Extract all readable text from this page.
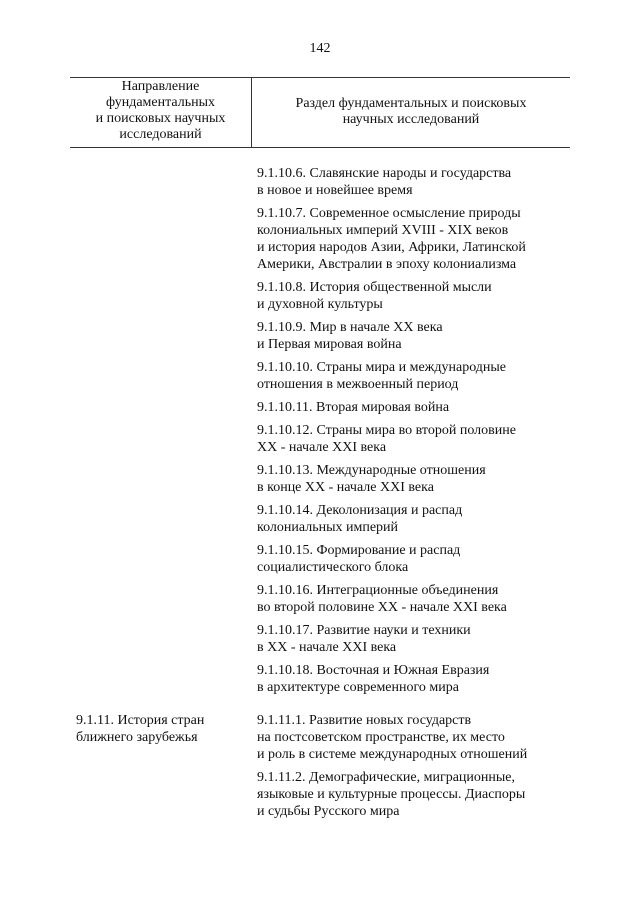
142
Направление
фундаментальных
и поисковых научных
исследований
Раздел фундаментальных и поисковых
научных исследований

9.1.10.6. Славянские народы и государства
в новое и новейшее время

9.1.10.7. Современное осмысление природы
колониальных империй XVIII - XIX веков
и история народов Азии, Африки, Латинской
Америки, Австралии в эпоху колониализма

9.1.10.8. История общественной мысли
и духовной культуры

9.1.10.9. Мир в начале XX века
и Первая мировая война

9.1.10.10. Страны мира и международные
отношения в межвоенный период

9.1.10.11. Вторая мировая война

9.1.10.12. Страны мира во второй половине
XX - начале XXI века

9.1.10.13. Международные отношения
в конце XX - начале XXI века

9.1.10.14. Деколонизация и распад
колониальных империй

9.1.10.15. Формирование и распад
социалистического блока

9.1.10.16. Интеграционные объединения
во второй половине XX - начале XXI века

9.1.10.17. Развитие науки и техники
в XX - начале XXI века

9.1.10.18. Восточная и Южная Евразия
в архитектуре современного мира

9.1.11. История стран
ближнего зарубежья

9.1.11.1. Развитие новых государств
на постсоветском пространстве, их место
и роль в системе международных отношений

9.1.11.2. Демографические, миграционные,
языковые и культурные процессы. Диаспоры
и судьбы Русского мира
